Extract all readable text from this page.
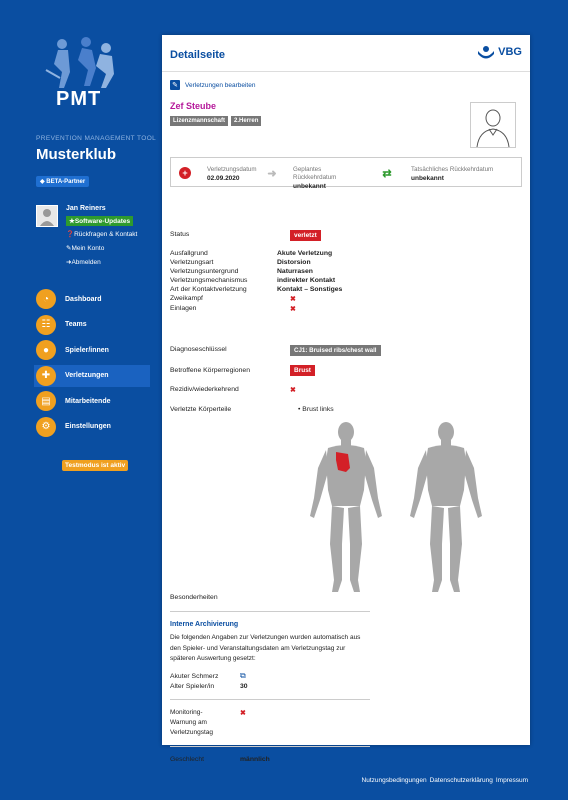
PMT
PREVENTION MANAGEMENT TOOL
Musterklub
◆ BETA-Partner
Jan Reiners
★Software-Updates
❓Rückfragen & Kontakt
✎Mein Konto
➜Abmelden
◔	Dashboard
☷	Teams
●	Spieler/innen
✚	Verletzungen
▤	Mitarbeitende
⚙	Einstellungen
Testmodus ist aktiv
Detailseite	VBG
✎	Verletzungen bearbeiten
Zef Steube
Lizenzmannschaft	2.Herren
+	Verletzungsdatum
02.09.2020	➜	Geplantes Rückkehrdatum
unbekannt
⇄	Tatsächliches Rückkehrdatum
unbekannt
Status	verletzt
Ausfallgrund	Akute Verletzung
Verletzungsart	Distorsion
Verletzungsuntergrund	Naturrasen
Verletzungsmechanismus	indirekter Kontakt
Art der Kontaktverletzung	Kontakt – Sonstiges
Zweikampf	✖
Einlagen	✖
Diagnoseschlüssel	CJ1: Bruised ribs/chest wall
Betroffene Körperregionen	Brust
Rezidiv/wiederkehrend	✖
Verletzte Körperteile	• Brust links
Besonderheiten
Interne Archivierung
Die folgenden Angaben zur Verletzungen wurden automatisch aus den Spieler- und Veranstaltungsdaten am Verletzungstag zur späteren Auswertung gesetzt:
Akuter Schmerz	⧉
Alter Spieler/in	30
Monitoring-Warnung am Verletzungstag
✖
Geschlecht	männlich
Nutzungsbedingungen Datenschutzerklärung Impressum
